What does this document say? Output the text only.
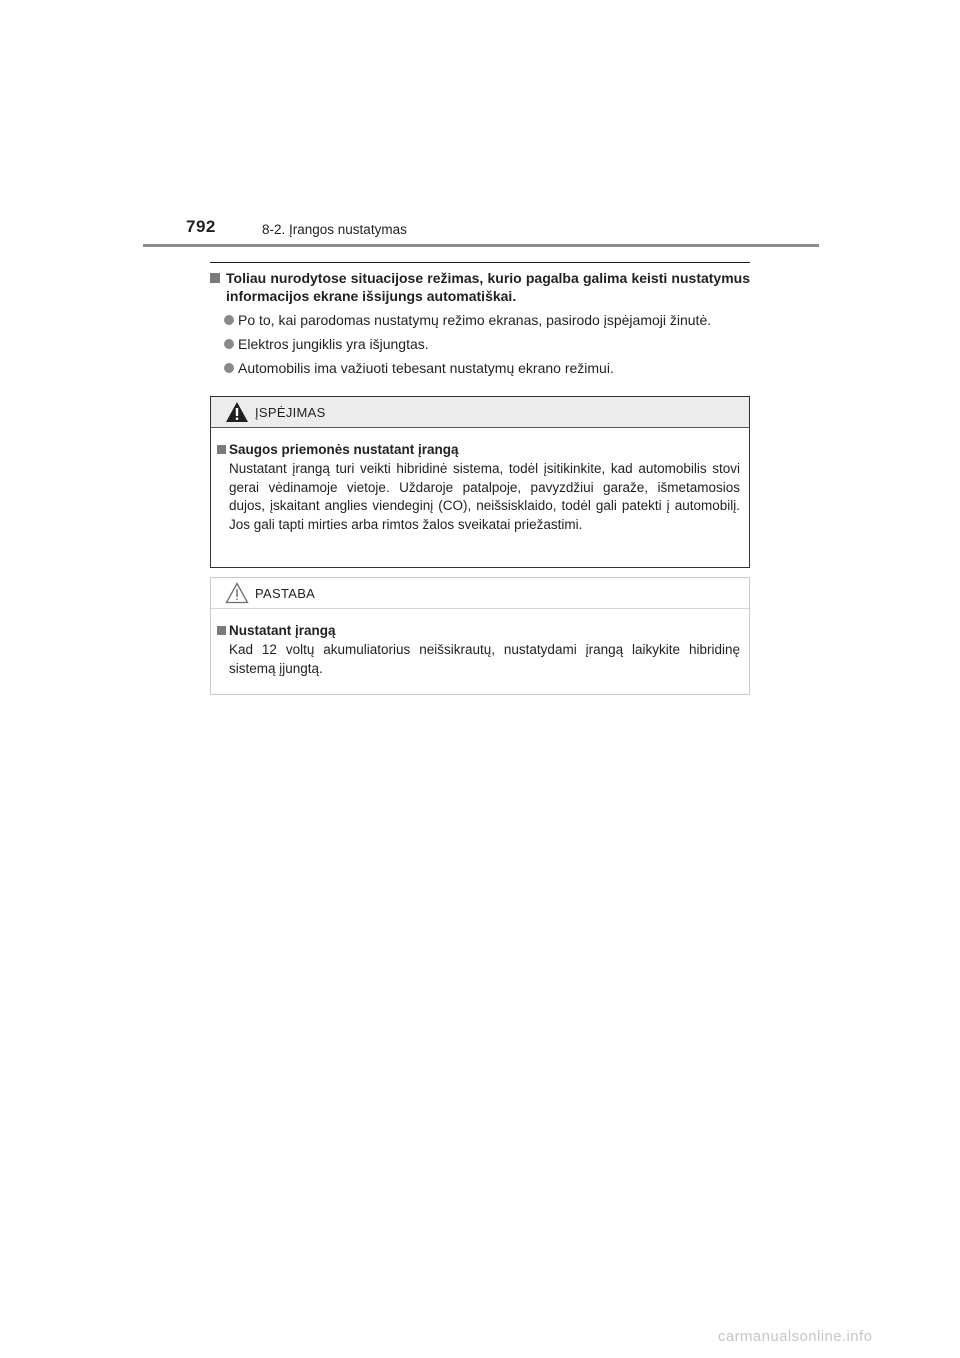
792	8-2. Įrangos nustatymas
Toliau nurodytose situacijose režimas, kurio pagalba galima keisti nustatymus informacijos ekrane išsijungs automatiškai.
Po to, kai parodomas nustatymų režimo ekranas, pasirodo įspėjamoji žinutė.
Elektros jungiklis yra išjungtas.
Automobilis ima važiuoti tebesant nustatymų ekrano režimui.
ĮSPĖJIMAS
Saugos priemonės nustatant įrangą
Nustatant įrangą turi veikti hibridinė sistema, todėl įsitikinkite, kad automobilis stovi gerai vėdinamoje vietoje. Uždaroje patalpoje, pavyzdžiui garaže, išmetamosios dujos, įskaitant anglies viendeginį (CO), neišsisklaido, todėl gali patekti į automobilį. Jos gali tapti mirties arba rimtos žalos sveikatai priežastimi.
PASTABA
Nustatant įrangą
Kad 12 voltų akumuliatorius neišsikrautų, nustatydami įrangą laikykite hibridinę sistemą įjungtą.
carmanualsonline.info
